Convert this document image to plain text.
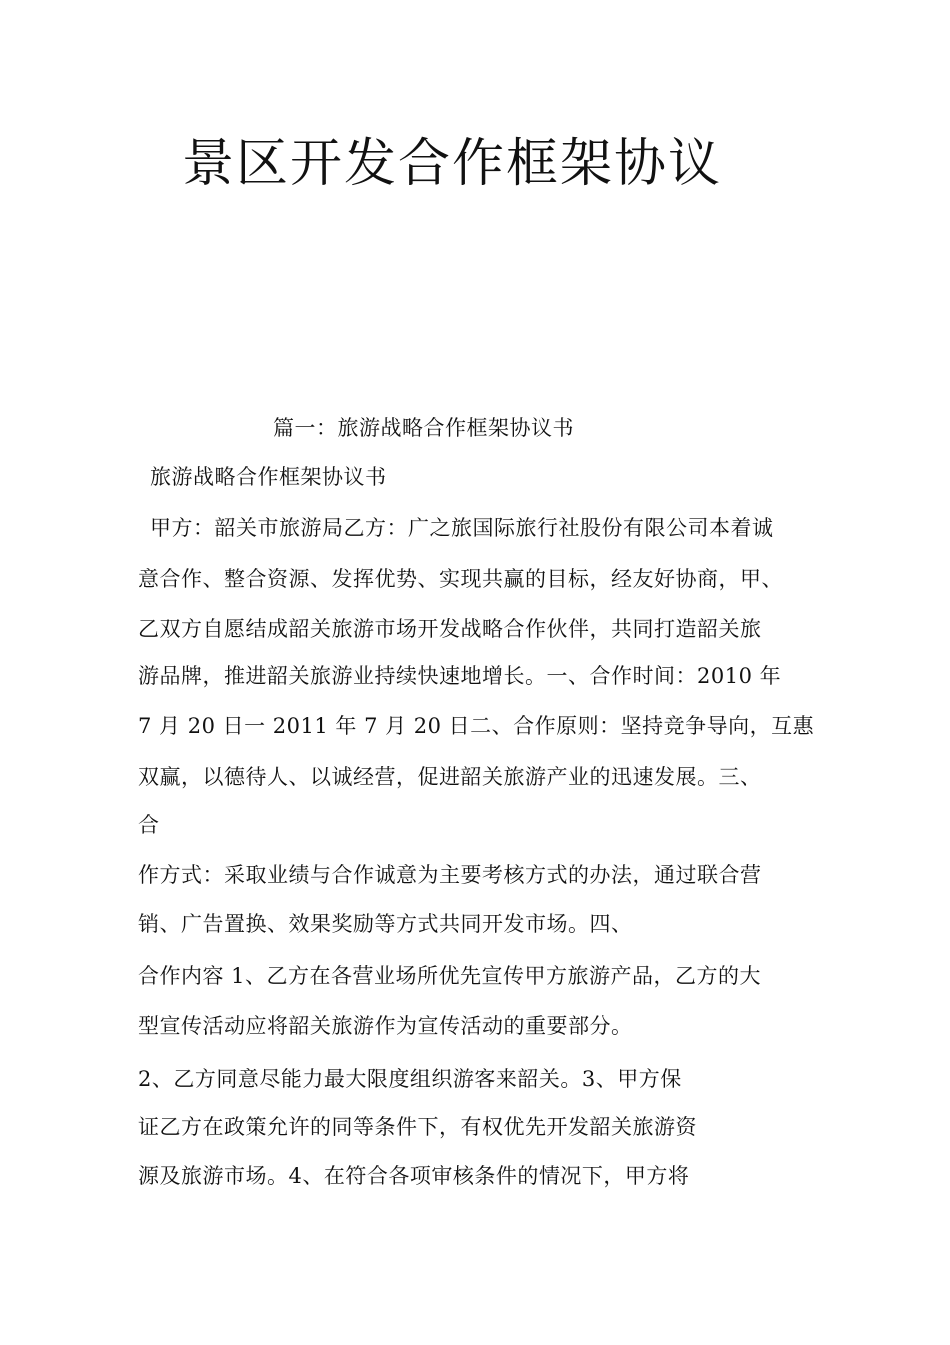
景区开发合作框架协议

篇一：旅游战略合作框架协议书

旅游战略合作框架协议书

甲方：韶关市旅游局乙方：广之旅国际旅行社股份有限公司本着诚

意合作、整合资源、发挥优势、实现共赢的目标，经友好协商，甲、

乙双方自愿结成韶关旅游市场开发战略合作伙伴，共同打造韶关旅

游品牌，推进韶关旅游业持续快速地增长。一、合作时间：2010 年

7 月 20 日一 2011 年 7 月 20 日二、合作原则：坚持竞争导向，互惠

双赢，以德待人、以诚经营，促进韶关旅游产业的迅速发展。三、

合

作方式：采取业绩与合作诚意为主要考核方式的办法，通过联合营

销、广告置换、效果奖励等方式共同开发市场。四、

合作内容 1、乙方在各营业场所优先宣传甲方旅游产品，乙方的大

型宣传活动应将韶关旅游作为宣传活动的重要部分。

2、乙方同意尽能力最大限度组织游客来韶关。3、甲方保

证乙方在政策允许的同等条件下，有权优先开发韶关旅游资

源及旅游市场。4、在符合各项审核条件的情况下，甲方将
